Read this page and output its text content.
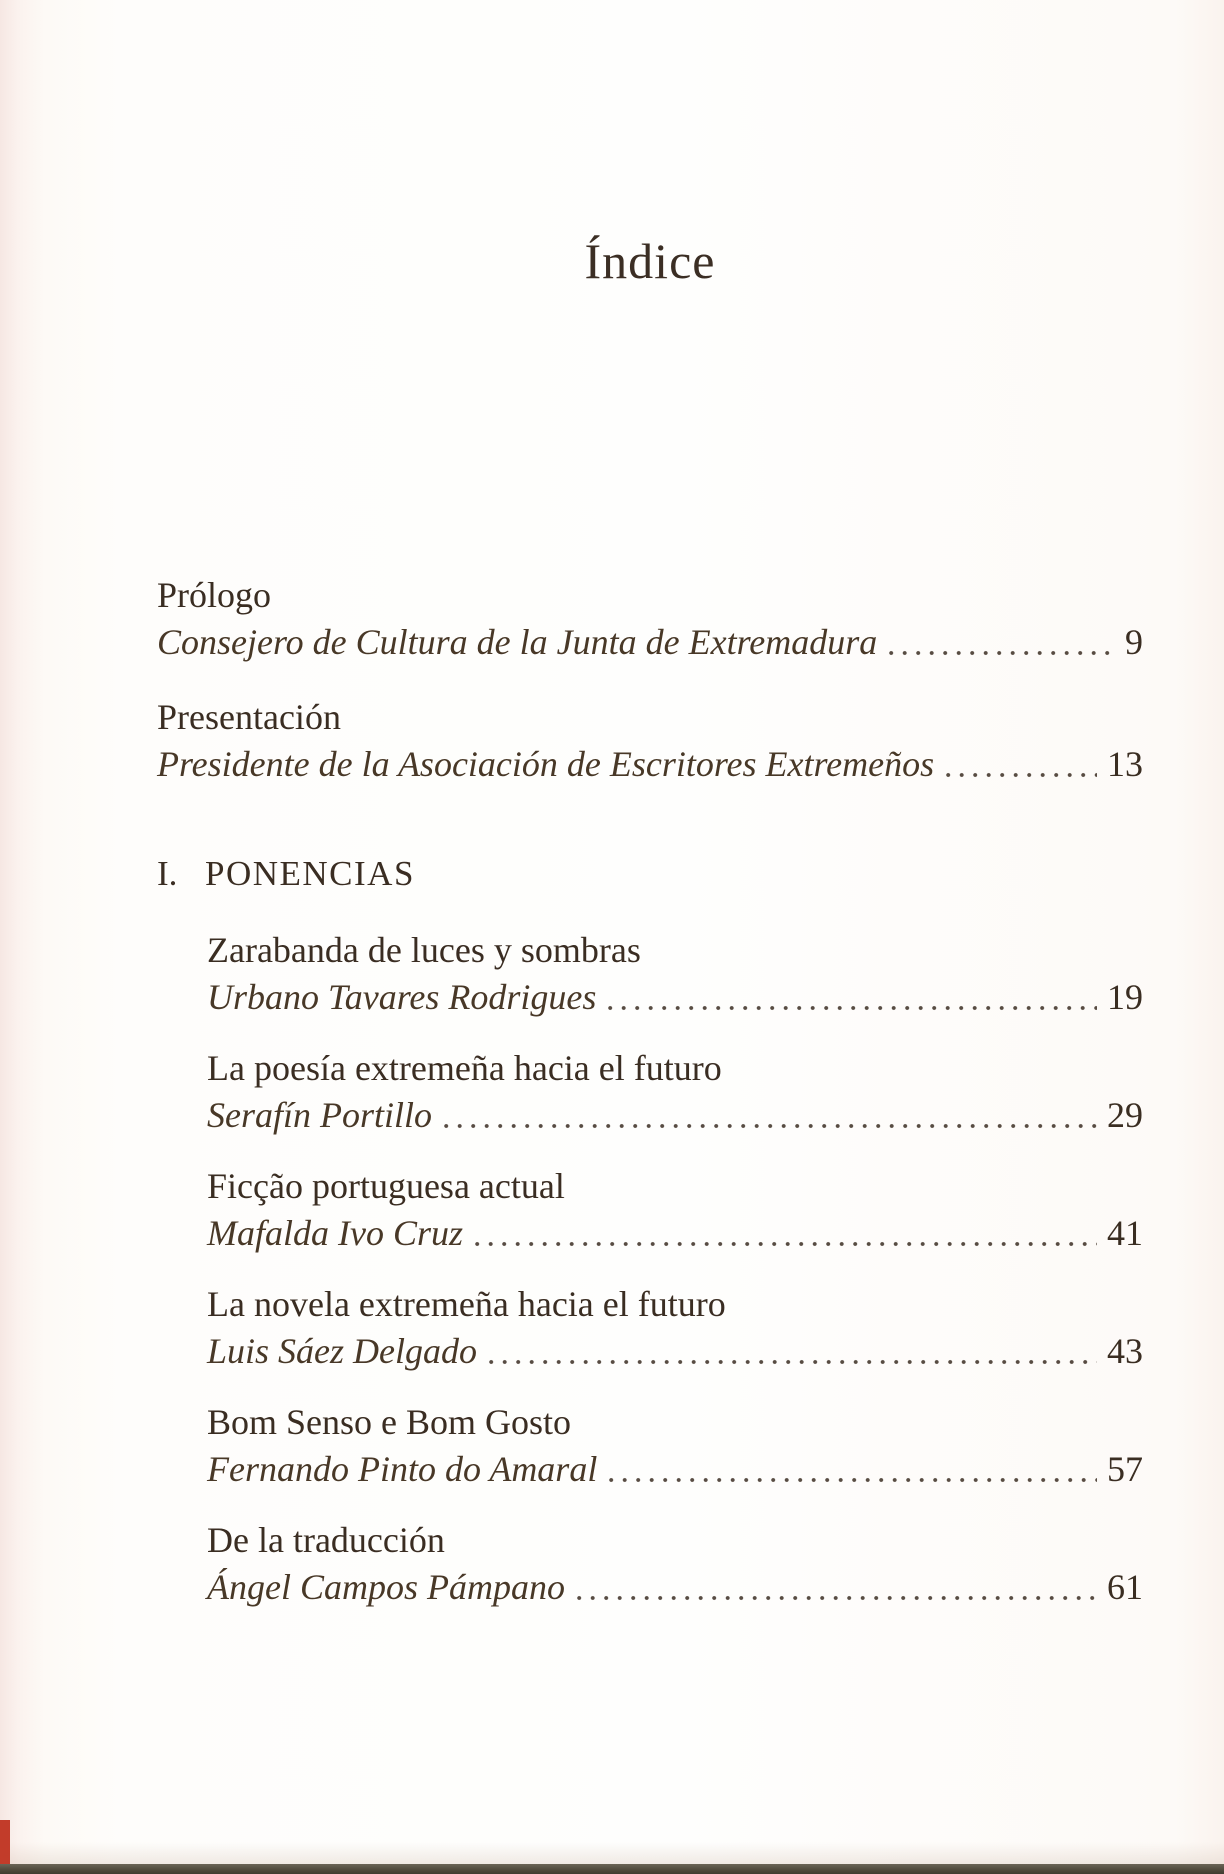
Índice
Prólogo
Consejero de Cultura de la Junta de Extremadura	9
Presentación
Presidente de la Asociación de Escritores Extremeños	13
I. PONENCIAS
Zarabanda de luces y sombras
Urbano Tavares Rodrigues	19
La poesía extremeña hacia el futuro
Serafín Portillo	29
Ficção portuguesa actual
Mafalda Ivo Cruz	41
La novela extremeña hacia el futuro
Luis Sáez Delgado	43
Bom Senso e Bom Gosto
Fernando Pinto do Amaral	57
De la traducción
Ángel Campos Pámpano	61
